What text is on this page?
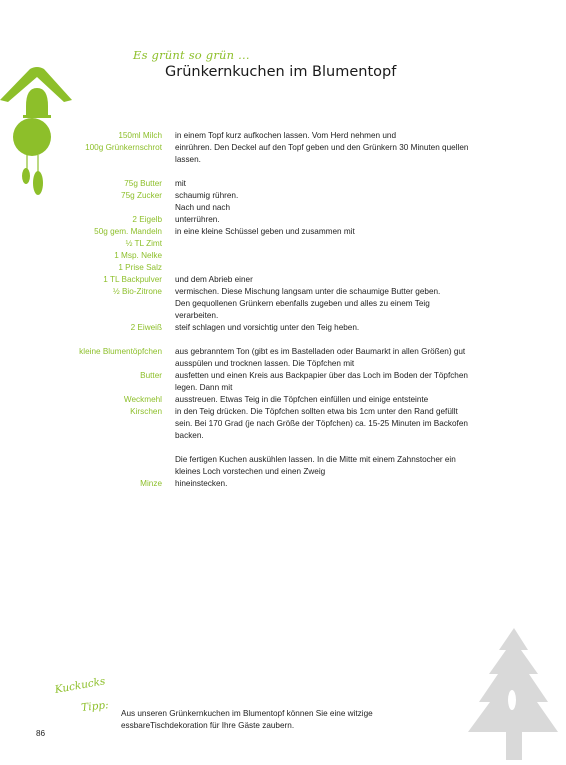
Es grünt so grün ...
Grünkernkuchen im Blumentopf
150ml Milch in einem Topf kurz aufkochen lassen. Vom Herd nehmen und
100g Grünkernschrot einrühren. Den Deckel auf den Topf geben und den Grünkern 30 Minuten quellen
lassen.
75g Butter mit
75g Zucker schaumig rühren.
Nach und nach
2 Eigelb unterrühren.
50g gem. Mandeln in eine kleine Schüssel geben und zusammen mit
½ TL Zimt
1 Msp. Nelke
1 Prise Salz
1 TL Backpulver und dem Abrieb einer
½ Bio-Zitrone vermischen. Diese Mischung langsam unter die schaumige Butter geben.
Den gequollenen Grünkern ebenfalls zugeben und alles zu einem Teig
verarbeiten.
2 Eiweiß steif schlagen und vorsichtig unter den Teig heben.
kleine Blumentöpfchen aus gebranntem Ton (gibt es im Bastelladen oder Baumarkt in allen Größen) gut
ausspülen und trocknen lassen. Die Töpfchen mit
Butter ausfetten und einen Kreis aus Backpapier über das Loch im Boden der Töpfchen
legen. Dann mit
Weckmehl ausstreuen. Etwas Teig in die Töpfchen einfüllen und einige entsteinte
Kirschen in den Teig drücken. Die Töpfchen sollten etwa bis 1cm unter den Rand gefüllt
sein. Bei 170 Grad (je nach Größe der Töpfchen) ca. 15-25 Minuten im Backofen
backen.
Die fertigen Kuchen auskühlen lassen. In die Mitte mit einem Zahnstocher ein
kleines Loch vorstechen und einen Zweig
Minze hineinstecken.
Kuckucks
Tipp: Aus unseren Grünkernkuchen im Blumentopf können Sie eine witzige
essbareTischdekoration für Ihre Gäste zaubern.
86
